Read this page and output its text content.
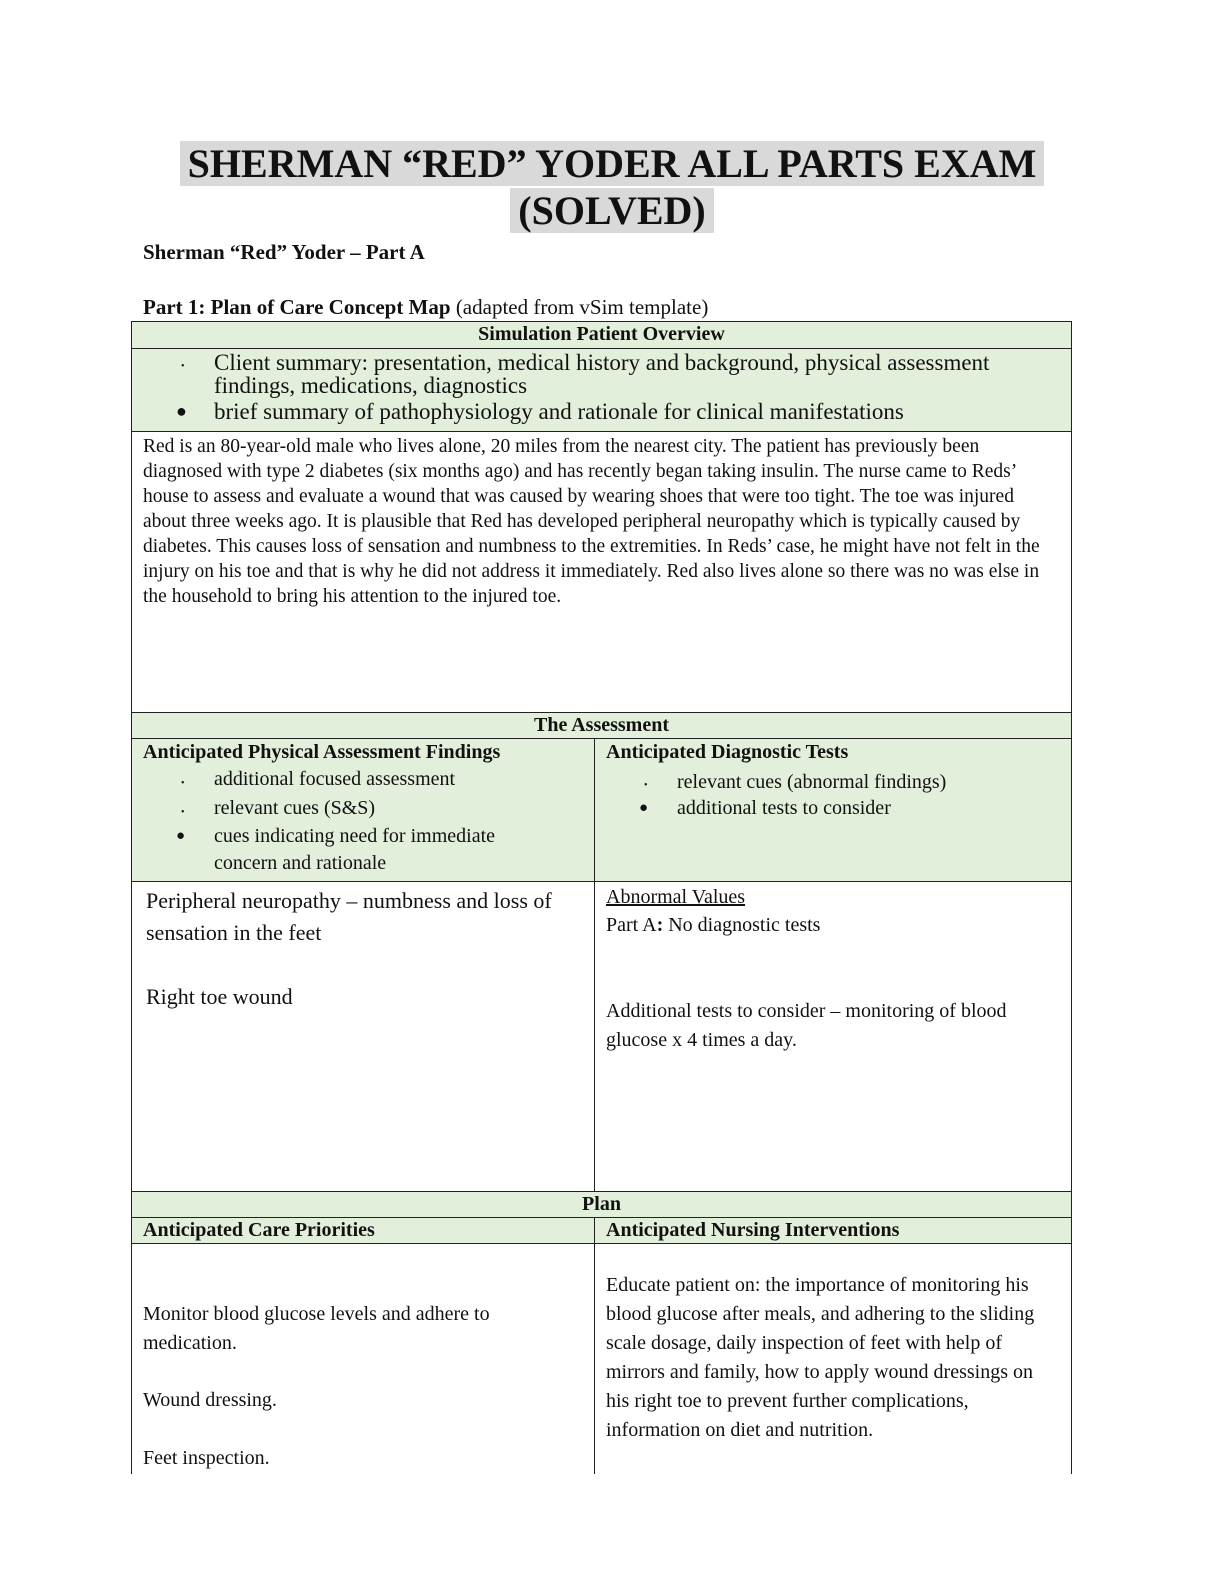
SHERMAN “RED” YODER ALL PARTS EXAM

(SOLVED)

Sherman “Red” Yoder – Part A
Part 1: Plan of Care Concept Map (adapted from vSim template)
Simulation Patient Overview
• Client summary: presentation, medical history and background, physical assessment findings, medications, diagnostics
● brief summary of pathophysiology and rationale for clinical manifestations
Red is an 80-year-old male who lives alone, 20 miles from the nearest city. The patient has previously been diagnosed with type 2 diabetes (six months ago) and has recently began taking insulin. The nurse came to Reds’ house to assess and evaluate a wound that was caused by wearing shoes that were too tight. The toe was injured about three weeks ago. It is plausible that Red has developed peripheral neuropathy which is typically caused by diabetes. This causes loss of sensation and numbness to the extremities. In Reds’ case, he might have not felt in the injury on his toe and that is why he did not address it immediately. Red also lives alone so there was no was else in the household to bring his attention to the injured toe.
The Assessment
Anticipated Physical Assessment Findings
• additional focused assessment
• relevant cues (S&S)
● cues indicating need for immediate concern and rationale
Anticipated Diagnostic Tests
• relevant cues (abnormal findings)
● additional tests to consider
Peripheral neuropathy – numbness and loss of sensation in the feet
Right toe wound
Abnormal Values
Part A: No diagnostic tests
Additional tests to consider – monitoring of blood glucose x 4 times a day.
Plan
Anticipated Care Priorities	Anticipated Nursing Interventions
Monitor blood glucose levels and adhere to medication.
Wound dressing.
Feet inspection.
Educate patient on: the importance of monitoring his blood glucose after meals, and adhering to the sliding scale dosage, daily inspection of feet with help of mirrors and family, how to apply wound dressings on his right toe to prevent further complications, information on diet and nutrition.
